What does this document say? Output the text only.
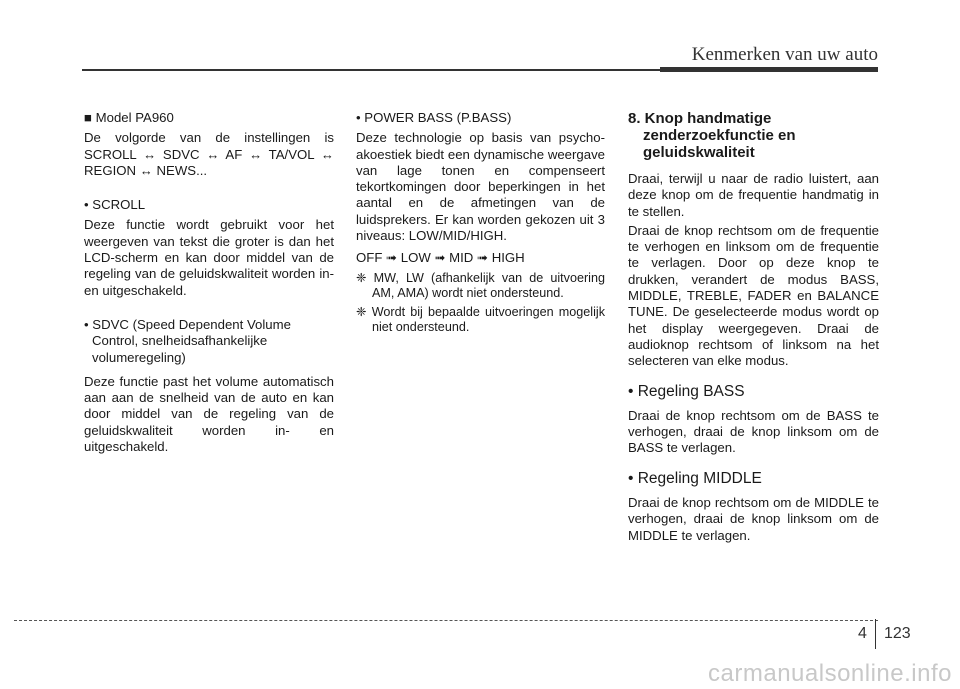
Kenmerken van uw auto

■ Model PA960

De volgorde van de instellingen is SCROLL ↔ SDVC ↔ AF ↔ TA/VOL ↔ REGION ↔ NEWS...

• SCROLL

Deze functie wordt gebruikt voor het weergeven van tekst die groter is dan het LCD-scherm en kan door middel van de regeling van de geluidskwaliteit worden in- en uitgeschakeld.

• SDVC (Speed Dependent Volume Control, snelheidsafhankelijke volumeregeling)

Deze functie past het volume automatisch aan aan de snelheid van de auto en kan door middel van de regeling van de geluidskwaliteit worden in- en uitgeschakeld.

• POWER BASS (P.BASS)

Deze technologie op basis van psycho-akoestiek biedt een dynamische weergave van lage tonen en compenseert tekortkomingen door beperkingen in het aantal en de afmetingen van de luidsprekers. Er kan worden gekozen uit 3 niveaus: LOW/MID/HIGH.

OFF ➟ LOW ➟ MID ➟ HIGH

❈ MW, LW (afhankelijk van de uitvoering AM, AMA) wordt niet ondersteund.

❈ Wordt bij bepaalde uitvoeringen mogelijk niet ondersteund.

8. Knop handmatige
zenderzoekfunctie en
geluidskwaliteit

Draai, terwijl u naar de radio luistert, aan deze knop om de frequentie handmatig in te stellen.

Draai de knop rechtsom om de frequentie te verhogen en linksom om de frequentie te verlagen. Door op deze knop te drukken, verandert de modus BASS, MIDDLE, TREBLE, FADER en BALANCE TUNE. De geselecteerde modus wordt op het display weergegeven. Draai de audioknop rechtsom of linksom na het selecteren van elke modus.

• Regeling BASS

Draai de knop rechtsom om de BASS te verhogen, draai de knop linksom om de BASS te verlagen.

• Regeling MIDDLE

Draai de knop rechtsom om de MIDDLE te verhogen, draai de knop linksom om de MIDDLE te verlagen.

4 123
carmanualsonline.info
